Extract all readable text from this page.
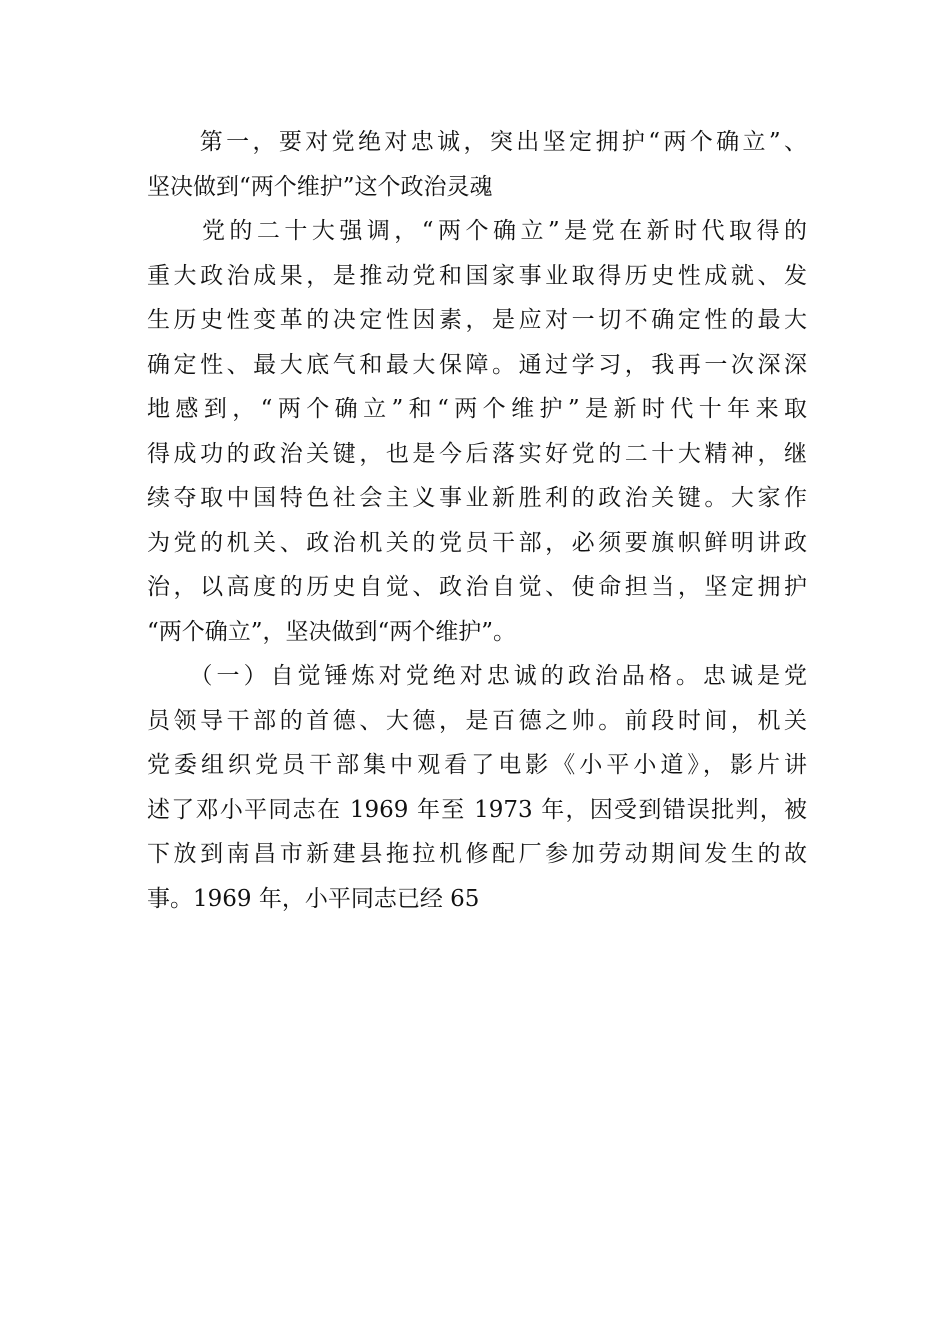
　　第一，要对党绝对忠诚，突出坚定拥护“两个确立”、
坚决做到“两个维护”这个政治灵魂
　　党的二十大强调，“两个确立”是党在新时代取得的
重大政治成果，是推动党和国家事业取得历史性成就、发
生历史性变革的决定性因素，是应对一切不确定性的最大
确定性、最大底气和最大保障。通过学习，我再一次深深
地感到，“两个确立”和“两个维护”是新时代十年来取
得成功的政治关键，也是今后落实好党的二十大精神，继
续夺取中国特色社会主义事业新胜利的政治关键。大家作
为党的机关、政治机关的党员干部，必须要旗帜鲜明讲政
治，以高度的历史自觉、政治自觉、使命担当，坚定拥护
“两个确立”，坚决做到“两个维护”。
　　（一）自觉锤炼对党绝对忠诚的政治品格。忠诚是党
员领导干部的首德、大德，是百德之帅。前段时间，机关
党委组织党员干部集中观看了电影《小平小道》，影片讲
述了邓小平同志在 1969 年至 1973 年，因受到错误批判，被
下放到南昌市新建县拖拉机修配厂参加劳动期间发生的故
事。1969 年，小平同志已经 65
